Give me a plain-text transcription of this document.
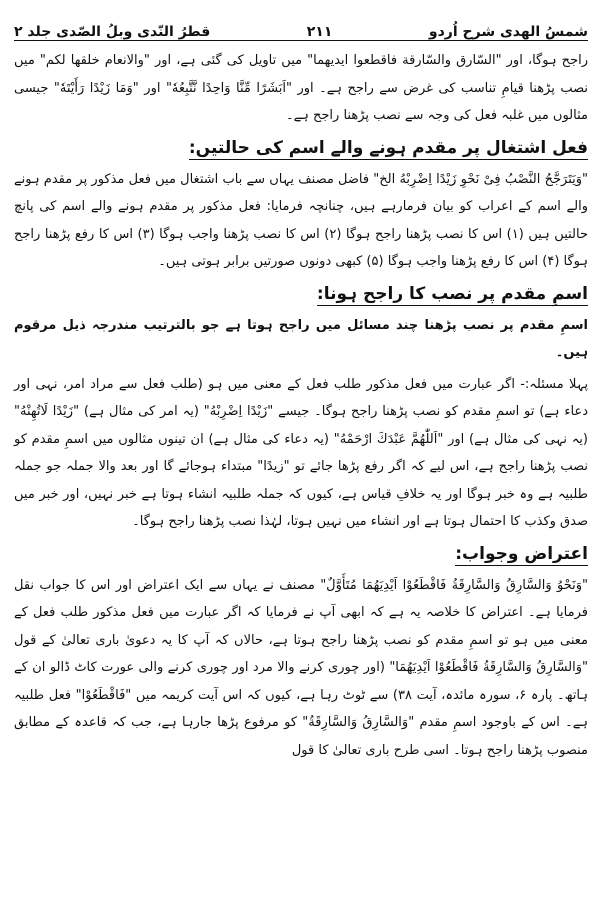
شمسُ الهدی شرح اُردو
۲۱۱
قطرُ النّدی وبلُ الصّدی جلد ۲

راجح ہوگا، اور "السّارق والسّارقة فاقطعوا ايديهما" میں تاویل کی گئی ہے، اور "والانعام خلقها لکم" میں نصب پڑھنا قیامِ تناسب کی غرض سے راجح ہے۔ اور "اَبَشَرًا مِّنَّا وَاحِدًا نَّتَّبِعُهٗ" اور "وَمَا زَيْدًا رَأَيْتَهٗ" جیسی مثالوں میں غلبہ فعل کی وجہ سے نصب پڑھنا راجح ہے۔

فعل اشتغال پر مقدم ہونے والے اسم کی حالتیں:

"وَيَتَرَجَّحُ النَّصْبُ فِیْ نَحْوِ زَيْدًا اِضْرِبْهُ الخ" فاضل مصنف یہاں سے باب اشتغال میں فعل مذکور پر مقدم ہونے والے اسم کے اعراب کو بیان فرمارہے ہیں، چنانچہ فرمایا: فعل مذکور پر مقدم ہونے والے اسم کی پانچ حالتیں ہیں (۱) اس کا نصب پڑھنا راجح ہوگا (۲) اس کا نصب پڑھنا واجب ہوگا (۳) اس کا رفع پڑھنا راجح ہوگا (۴) اس کا رفع پڑھنا واجب ہوگا (۵) کبھی دونوں صورتیں برابر ہوتی ہیں۔

اسمِ مقدم پر نصب کا راجح ہونا:

اسمِ مقدم پر نصب پڑھنا چند مسائل میں راجح ہوتا ہے جو بالترتیب مندرجہ ذیل مرقوم ہیں۔

پہلا مسئلہ:- اگر عبارت میں فعل مذکور طلب فعل کے معنی میں ہو (طلب فعل سے مراد امر، نہی اور دعاء ہے) تو اسمِ مقدم کو نصب پڑھنا راجح ہوگا۔ جیسے "زَيْدًا اِضْرِبْهُ" (یہ امر کی مثال ہے) "زَيْدًا لَاتُهِنْهُ" (یہ نہی کی مثال ہے) اور "اَللّٰهُمَّ عَبْدَكَ ارْحَمْهُ" (یہ دعاء کی مثال ہے) ان تینوں مثالوں میں اسمِ مقدم کو نصب پڑھنا راجح ہے، اس لیے کہ اگر رفع پڑھا جائے تو "زیدًا" مبتداء ہوجائے گا اور بعد والا جملہ جو جملہ طلبیہ ہے وہ خبر ہوگا اور یہ خلافِ قیاس ہے، کیوں کہ جملہ طلبیہ انشاء ہوتا ہے خبر نہیں، اور خبر میں صدق وکذب کا احتمال ہوتا ہے اور انشاء میں نہیں ہوتا، لہٰذا نصب پڑھنا راجح ہوگا۔

اعتراض وجواب:

"وَنَحْوُ وَالسَّارِقُ وَالسَّارِقَةُ فَاقْطَعُوْا اَيْدِيَهُمَا مُتَأَوَّلٌ" مصنف نے یہاں سے ایک اعتراض اور اس کا جواب نقل فرمایا ہے۔ اعتراض کا خلاصہ یہ ہے کہ ابھی آپ نے فرمایا کہ اگر عبارت میں فعل مذکور طلب فعل کے معنی میں ہو تو اسمِ مقدم کو نصب پڑھنا راجح ہوتا ہے، حالاں کہ آپ کا یہ دعویٰ باری تعالیٰ کے قول "وَالسَّارِقُ وَالسَّارِقَةُ فَاقْطَعُوْا اَيْدِيَهُمَا" (اور چوری کرنے والا مرد اور چوری کرنے والی عورت کاٹ ڈالو ان کے ہاتھ۔ پارہ ۶، سورہ مائدہ، آیت ۳۸) سے ٹوٹ رہا ہے، کیوں کہ اس آیت کریمہ میں "فَاقْطَعُوْا" فعل طلبیہ ہے۔ اس کے باوجود اسمِ مقدم "وَالسَّارِقُ وَالسَّارِقَةُ" کو مرفوع پڑھا جارہا ہے، جب کہ قاعدہ کے مطابق منصوب پڑھنا راجح ہوتا۔ اسی طرح باری تعالیٰ کا قول
